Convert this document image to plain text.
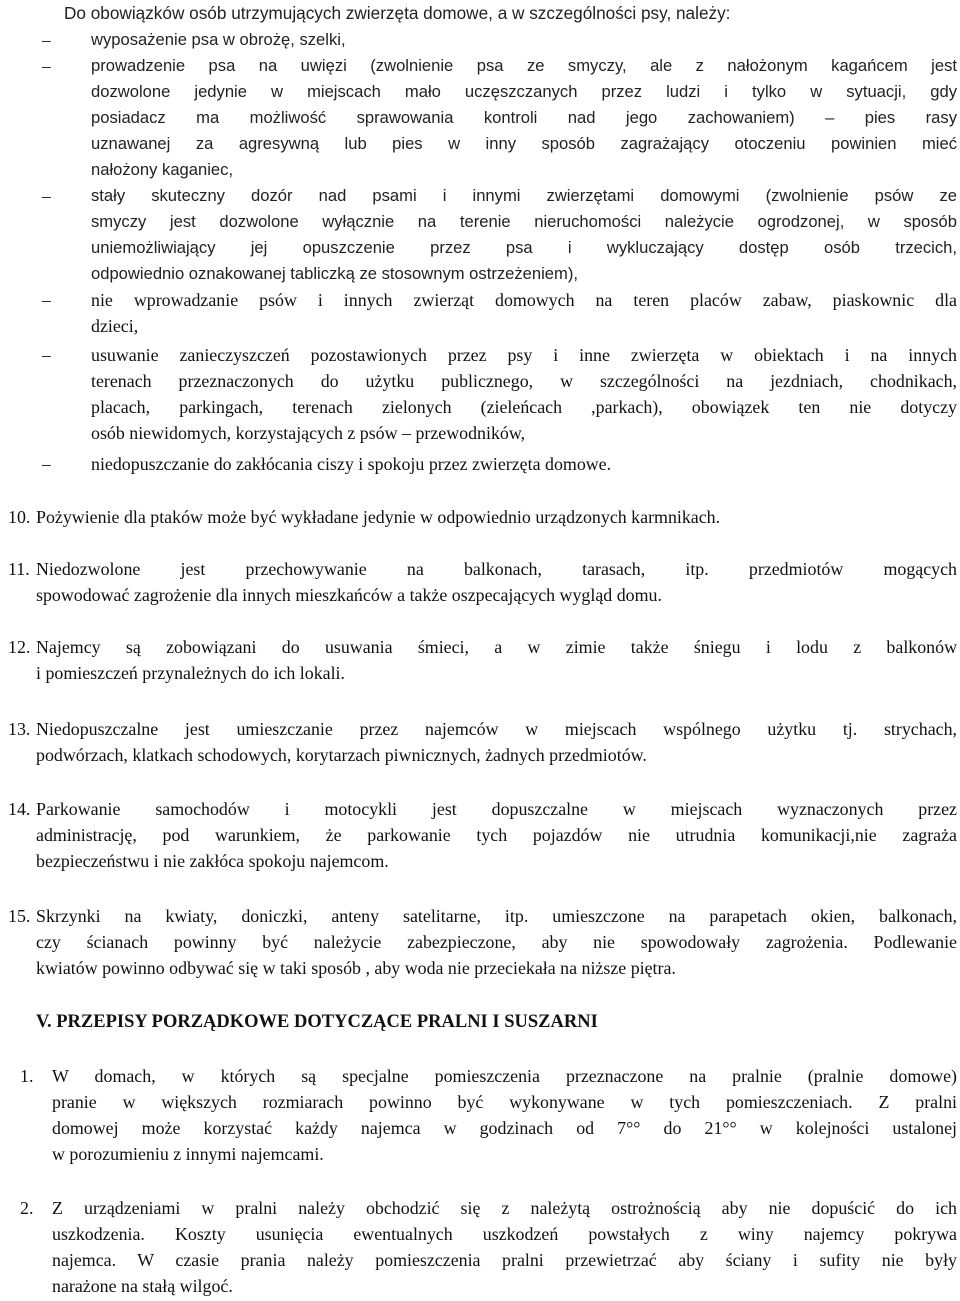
Do obowiązków osób utrzymujących zwierzęta domowe, a w szczególności psy, należy:
– wyposażenie psa w obrożę, szelki,
– prowadzenie psa na uwięzi (zwolnienie psa ze smyczy, ale z nałożonym kagańcem jest
dozwolone jedynie w miejscach mało uczęszczanych przez ludzi i tylko w sytuacji, gdy
posiadacz ma możliwość sprawowania kontroli nad jego zachowaniem) – pies rasy
uznawanej za agresywną lub pies w inny sposób zagrażający otoczeniu powinien mieć
nałożony kaganiec,
– stały skuteczny dozór nad psami i innymi zwierzętami domowymi (zwolnienie psów ze
smyczy jest dozwolone wyłącznie na terenie nieruchomości należycie ogrodzonej, w sposób
uniemożliwiający jej opuszczenie przez psa i wykluczający dostęp osób trzecich,
odpowiednio oznakowanej tabliczką ze stosownym ostrzeżeniem),
– nie wprowadzanie psów i innych zwierząt domowych na teren placów zabaw, piaskownic dla
dzieci,
– usuwanie zanieczyszczeń pozostawionych przez psy i inne zwierzęta w obiektach i na innych
terenach przeznaczonych do użytku publicznego, w szczególności na jezdniach, chodnikach,
placach, parkingach, terenach zielonych (zieleńcach ,parkach), obowiązek ten nie dotyczy
osób niewidomych, korzystających z psów – przewodników,
– niedopuszczanie do zakłócania ciszy i spokoju przez zwierzęta domowe.
10. Pożywienie dla ptaków może być wykładane jedynie w odpowiednio urządzonych karmnikach.
11. Niedozwolone jest przechowywanie na balkonach, tarasach, itp. przedmiotów mogących
spowodować zagrożenie dla innych mieszkańców a także oszpecających wygląd domu.
12. Najemcy są zobowiązani do usuwania śmieci, a w zimie także śniegu i lodu z balkonów
i pomieszczeń przynależnych do ich lokali.
13. Niedopuszczalne jest umieszczanie przez najemców w miejscach wspólnego użytku tj. strychach,
podwórzach, klatkach schodowych, korytarzach piwnicznych, żadnych przedmiotów.
14. Parkowanie samochodów i motocykli jest dopuszczalne w miejscach wyznaczonych przez
administrację, pod warunkiem, że parkowanie tych pojazdów nie utrudnia komunikacji,nie zagraża
bezpieczeństwu i nie zakłóca spokoju najemcom.
15. Skrzynki na kwiaty, doniczki, anteny satelitarne, itp. umieszczone na parapetach okien, balkonach,
czy ścianach powinny być należycie zabezpieczone, aby nie spowodowały zagrożenia. Podlewanie
kwiatów powinno odbywać się w taki sposób , aby woda nie przeciekała na niższe piętra.
V. PRZEPISY PORZĄDKOWE DOTYCZĄCE PRALNI I SUSZARNI
1. W domach, w których są specjalne pomieszczenia przeznaczone na pralnie (pralnie domowe)
pranie w większych rozmiarach powinno być wykonywane w tych pomieszczeniach. Z pralni
domowej może korzystać każdy najemca w godzinach od 7°° do 21°° w kolejności ustalonej
w porozumieniu z innymi najemcami.
2. Z urządzeniami w pralni należy obchodzić się z należytą ostrożnością aby nie dopuścić do ich
uszkodzenia. Koszty usunięcia ewentualnych uszkodzeń powstałych z winy najemcy pokrywa
najemca. W czasie prania należy pomieszczenia pralni przewietrzać aby ściany i sufity nie były
narażone na stałą wilgoć.
